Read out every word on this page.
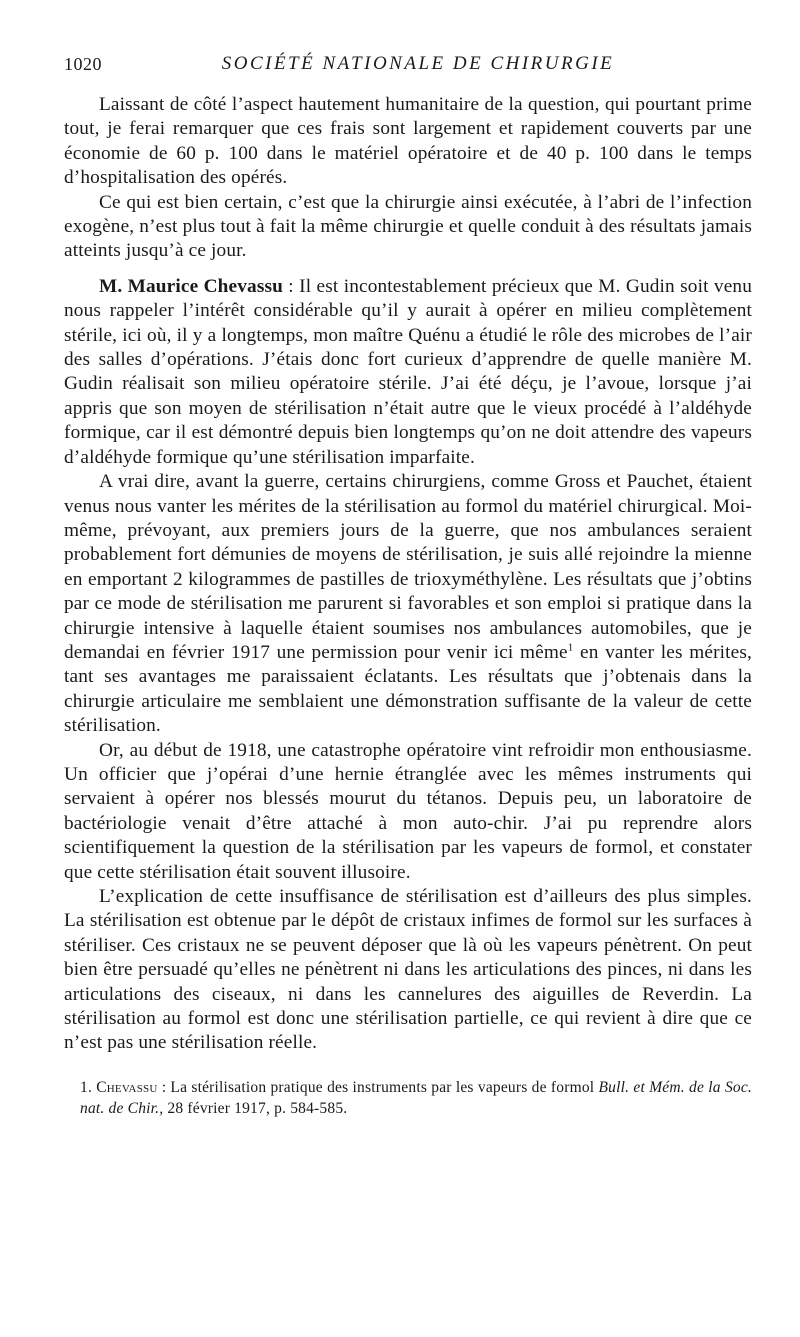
1020	SOCIÉTÉ NATIONALE DE CHIRURGIE

Laissant de côté l’aspect hautement humanitaire de la question, qui pourtant prime tout, je ferai remarquer que ces frais sont largement et rapidement couverts par une économie de 60 p. 100 dans le matériel opératoire et de 40 p. 100 dans le temps d’hospitalisation des opérés.

Ce qui est bien certain, c’est que la chirurgie ainsi exécutée, à l’abri de l’infection exogène, n’est plus tout à fait la même chirurgie et quelle conduit à des résultats jamais atteints jusqu’à ce jour.

M. Maurice Chevassu : Il est incontestablement précieux que M. Gudin soit venu nous rappeler l’intérêt considérable qu’il y aurait à opérer en milieu complètement stérile, ici où, il y a longtemps, mon maître Quénu a étudié le rôle des microbes de l’air des salles d’opérations. J’étais donc fort curieux d’apprendre de quelle manière M. Gudin réalisait son milieu opératoire stérile. J’ai été déçu, je l’avoue, lorsque j’ai appris que son moyen de stérilisation n’était autre que le vieux procédé à l’aldéhyde formique, car il est démontré depuis bien longtemps qu’on ne doit attendre des vapeurs d’aldéhyde formique qu’une stérilisation imparfaite.

A vrai dire, avant la guerre, certains chirurgiens, comme Gross et Pauchet, étaient venus nous vanter les mérites de la stérilisation au formol du matériel chirurgical. Moi-même, prévoyant, aux premiers jours de la guerre, que nos ambulances seraient probablement fort démunies de moyens de stérilisation, je suis allé rejoindre la mienne en emportant 2 kilogrammes de pastilles de trioxyméthylène. Les résultats que j’obtins par ce mode de stérilisation me parurent si favorables et son emploi si pratique dans la chirurgie intensive à laquelle étaient soumises nos ambulances automobiles, que je demandai en février 1917 une permission pour venir ici même$^1$ en vanter les mérites, tant ses avantages me paraissaient éclatants. Les résultats que j’obtenais dans la chirurgie articulaire me semblaient une démonstration suffisante de la valeur de cette stérilisation.

Or, au début de 1918, une catastrophe opératoire vint refroidir mon enthousiasme. Un officier que j’opérai d’une hernie étranglée avec les mêmes instruments qui servaient à opérer nos blessés mourut du tétanos. Depuis peu, un laboratoire de bactériologie venait d’être attaché à mon auto-chir. J’ai pu reprendre alors scientifiquement la question de la stérilisation par les vapeurs de formol, et constater que cette stérilisation était souvent illusoire.

L’explication de cette insuffisance de stérilisation est d’ailleurs des plus simples. La stérilisation est obtenue par le dépôt de cristaux infimes de formol sur les surfaces à stériliser. Ces cristaux ne se peuvent déposer que là où les vapeurs pénètrent. On peut bien être persuadé qu’elles ne pénètrent ni dans les articulations des pinces, ni dans les articulations des ciseaux, ni dans les cannelures des aiguilles de Reverdin. La stérilisation au formol est donc une stérilisation partielle, ce qui revient à dire que ce n’est pas une stérilisation réelle.

1. Chevassu : La stérilisation pratique des instruments par les vapeurs de formol Bull. et Mém. de la Soc. nat. de Chir., 28 février 1917, p. 584-585.
